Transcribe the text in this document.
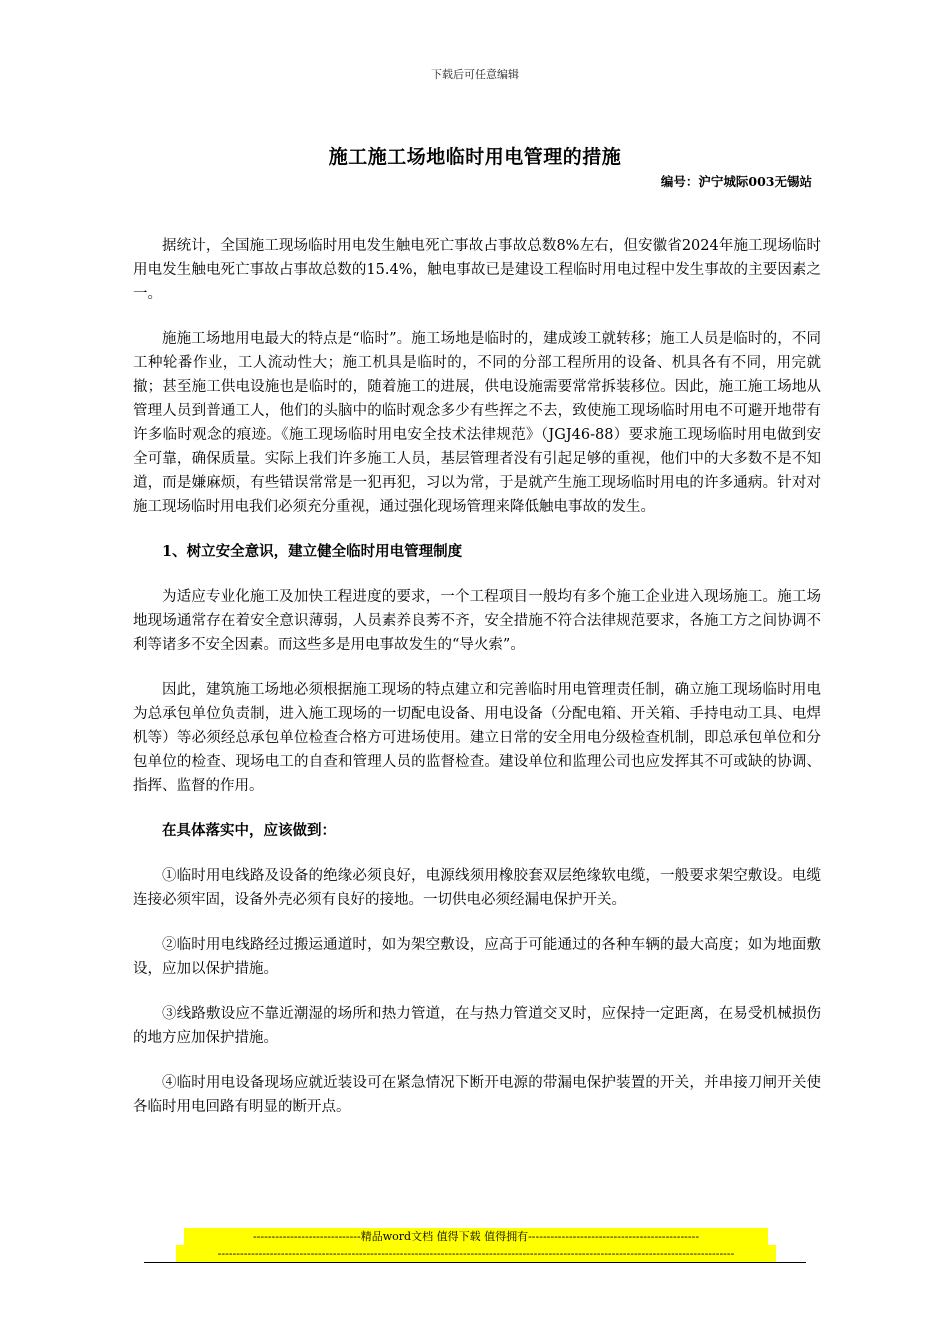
下载后可任意编辑
施工施工场地临时用电管理的措施
编号：沪宁城际003无锡站

据统计，全国施工现场临时用电发生触电死亡事故占事故总数8%左右，但安徽省2024年施工现场临时用电发生触电死亡事故占事故总数的15.4%，触电事故已是建设工程临时用电过程中发生事故的主要因素之一。

施施工场地用电最大的特点是“临时”。施工场地是临时的，建成竣工就转移；施工人员是临时的，不同工种轮番作业，工人流动性大；施工机具是临时的，不同的分部工程所用的设备、机具各有不同，用完就撤；甚至施工供电设施也是临时的，随着施工的进展，供电设施需要常常拆装移位。因此，施工施工场地从管理人员到普通工人，他们的头脑中的临时观念多少有些挥之不去，致使施工现场临时用电不可避开地带有许多临时观念的痕迹。《施工现场临时用电安全技术法律规范》（JGJ46-88）要求施工现场临时用电做到安全可靠，确保质量。实际上我们许多施工人员，基层管理者没有引起足够的重视，他们中的大多数不是不知道，而是嫌麻烦，有些错误常常是一犯再犯，习以为常，于是就产生施工现场临时用电的许多通病。针对对施工现场临时用电我们必须充分重视，通过强化现场管理来降低触电事故的发生。

1、树立安全意识，建立健全临时用电管理制度

为适应专业化施工及加快工程进度的要求，一个工程项目一般均有多个施工企业进入现场施工。施工场地现场通常存在着安全意识薄弱，人员素养良莠不齐，安全措施不符合法律规范要求，各施工方之间协调不利等诸多不安全因素。而这些多是用电事故发生的“导火索”。

因此，建筑施工场地必须根据施工现场的特点建立和完善临时用电管理责任制，确立施工现场临时用电为总承包单位负责制，进入施工现场的一切配电设备、用电设备（分配电箱、开关箱、手持电动工具、电焊机等）等必须经总承包单位检查合格方可进场使用。建立日常的安全用电分级检查机制，即总承包单位和分包单位的检查、现场电工的自查和管理人员的监督检查。建设单位和监理公司也应发挥其不可或缺的协调、指挥、监督的作用。

在具体落实中，应该做到：

①临时用电线路及设备的绝缘必须良好，电源线须用橡胶套双层绝缘软电缆，一般要求架空敷设。电缆连接必须牢固，设备外壳必须有良好的接地。一切供电必须经漏电保护开关。

②临时用电线路经过搬运通道时，如为架空敷设，应高于可能通过的各种车辆的最大高度；如为地面敷设，应加以保护措施。

③线路敷设应不靠近潮湿的场所和热力管道，在与热力管道交叉时，应保持一定距离，在易受机械损伤的地方应加保护措施。

④临时用电设备现场应就近装设可在紧急情况下断开电源的带漏电保护装置的开关，并串接刀闸开关使各临时用电回路有明显的断开点。

-----------------------------精品word文档 值得下载 值得拥有----------------------------------------------
-------------------------------------------------------------------------------------------------------------------------------------------
